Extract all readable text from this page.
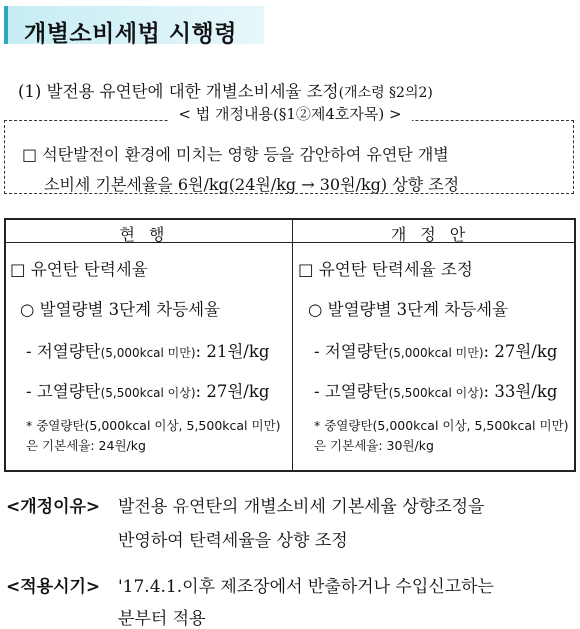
개별소비세법 시행령
(1) 발전용 유연탄에 대한 개별소비세율 조정(개소령 §2의2)
< 법 개정내용(§1②제4호자목) >
□ 석탄발전이 환경에 미치는 영향 등을 감안하여 유연탄 개별
소비세 기본세율을 6원/kg(24원/kg → 30원/kg) 상향 조정
현행	개정안
□ 유연탄 탄력세율
○ 발열량별 3단계 차등세율
- 저열량탄(5,000kcal 미만): 21원/kg
- 고열량탄(5,500kcal 이상): 27원/kg
* 중열량탄(5,000kcal 이상, 5,500kcal 미만)은 기본세율: 24원/kg
□ 유연탄 탄력세율 조정
○ 발열량별 3단계 차등세율
- 저열량탄(5,000kcal 미만): 27원/kg
- 고열량탄(5,500kcal 이상): 33원/kg
* 중열량탄(5,000kcal 이상, 5,500kcal 미만)은 기본세율: 30원/kg
<개정이유> 발전용 유연탄의 개별소비세 기본세율 상향조정을
반영하여 탄력세율을 상향 조정
<적용시기> '17.4.1.이후 제조장에서 반출하거나 수입신고하는
분부터 적용
